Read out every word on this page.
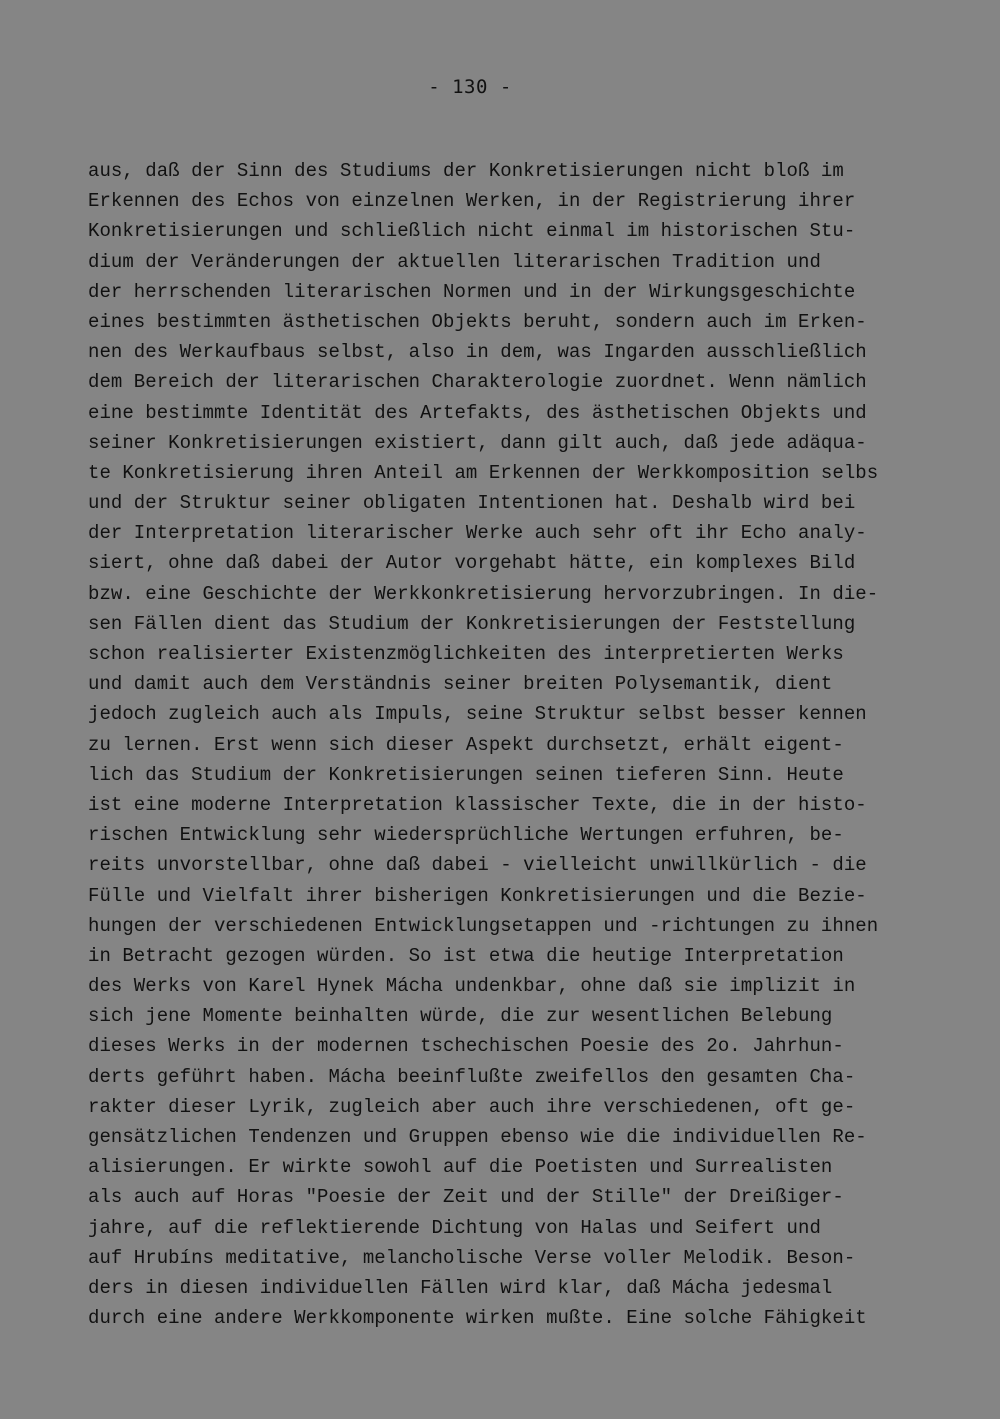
- 130 -
aus, daß der Sinn des Studiums der Konkretisierungen nicht bloß im
Erkennen des Echos von einzelnen Werken, in der Registrierung ihrer
Konkretisierungen und schließlich nicht einmal im historischen Stu-
dium der Veränderungen der aktuellen literarischen Tradition und
der herrschenden literarischen Normen und in der Wirkungsgeschichte
eines bestimmten ästhetischen Objekts beruht, sondern auch im Erken-
nen des Werkaufbaus selbst, also in dem, was Ingarden ausschließlich
dem Bereich der literarischen Charakterologie zuordnet. Wenn nämlich
eine bestimmte Identität des Artefakts, des ästhetischen Objekts und
seiner Konkretisierungen existiert, dann gilt auch, daß jede adäqua-
te Konkretisierung ihren Anteil am Erkennen der Werkkomposition selbs
und der Struktur seiner obligaten Intentionen hat. Deshalb wird bei
der Interpretation literarischer Werke auch sehr oft ihr Echo analy-
siert, ohne daß dabei der Autor vorgehabt hätte, ein komplexes Bild
bzw. eine Geschichte der Werkkonkretisierung hervorzubringen. In die-
sen Fällen dient das Studium der Konkretisierungen der Feststellung
schon realisierter Existenzmöglichkeiten des interpretierten Werks
und damit auch dem Verständnis seiner breiten Polysemantik, dient
jedoch zugleich auch als Impuls, seine Struktur selbst besser kennen
zu lernen. Erst wenn sich dieser Aspekt durchsetzt, erhält eigent-
lich das Studium der Konkretisierungen seinen tieferen Sinn. Heute
ist eine moderne Interpretation klassischer Texte, die in der histo-
rischen Entwicklung sehr wiedersprüchliche Wertungen erfuhren, be-
reits unvorstellbar, ohne daß dabei - vielleicht unwillkürlich - die
Fülle und Vielfalt ihrer bisherigen Konkretisierungen und die Bezie-
hungen der verschiedenen Entwicklungsetappen und -richtungen zu ihnen
in Betracht gezogen würden. So ist etwa die heutige Interpretation
des Werks von Karel Hynek Mácha undenkbar, ohne daß sie implizit in
sich jene Momente beinhalten würde, die zur wesentlichen Belebung
dieses Werks in der modernen tschechischen Poesie des 2o. Jahrhun-
derts geführt haben. Mácha beeinflußte zweifellos den gesamten Cha-
rakter dieser Lyrik, zugleich aber auch ihre verschiedenen, oft ge-
gensätzlichen Tendenzen und Gruppen ebenso wie die individuellen Re-
alisierungen. Er wirkte sowohl auf die Poetisten und Surrealisten
als auch auf Horas "Poesie der Zeit und der Stille" der Dreißiger-
jahre, auf die reflektierende Dichtung von Halas und Seifert und
auf Hrubíns meditative, melancholische Verse voller Melodik. Beson-
ders in diesen individuellen Fällen wird klar, daß Mácha jedesmal
durch eine andere Werkkomponente wirken mußte. Eine solche Fähigkeit
